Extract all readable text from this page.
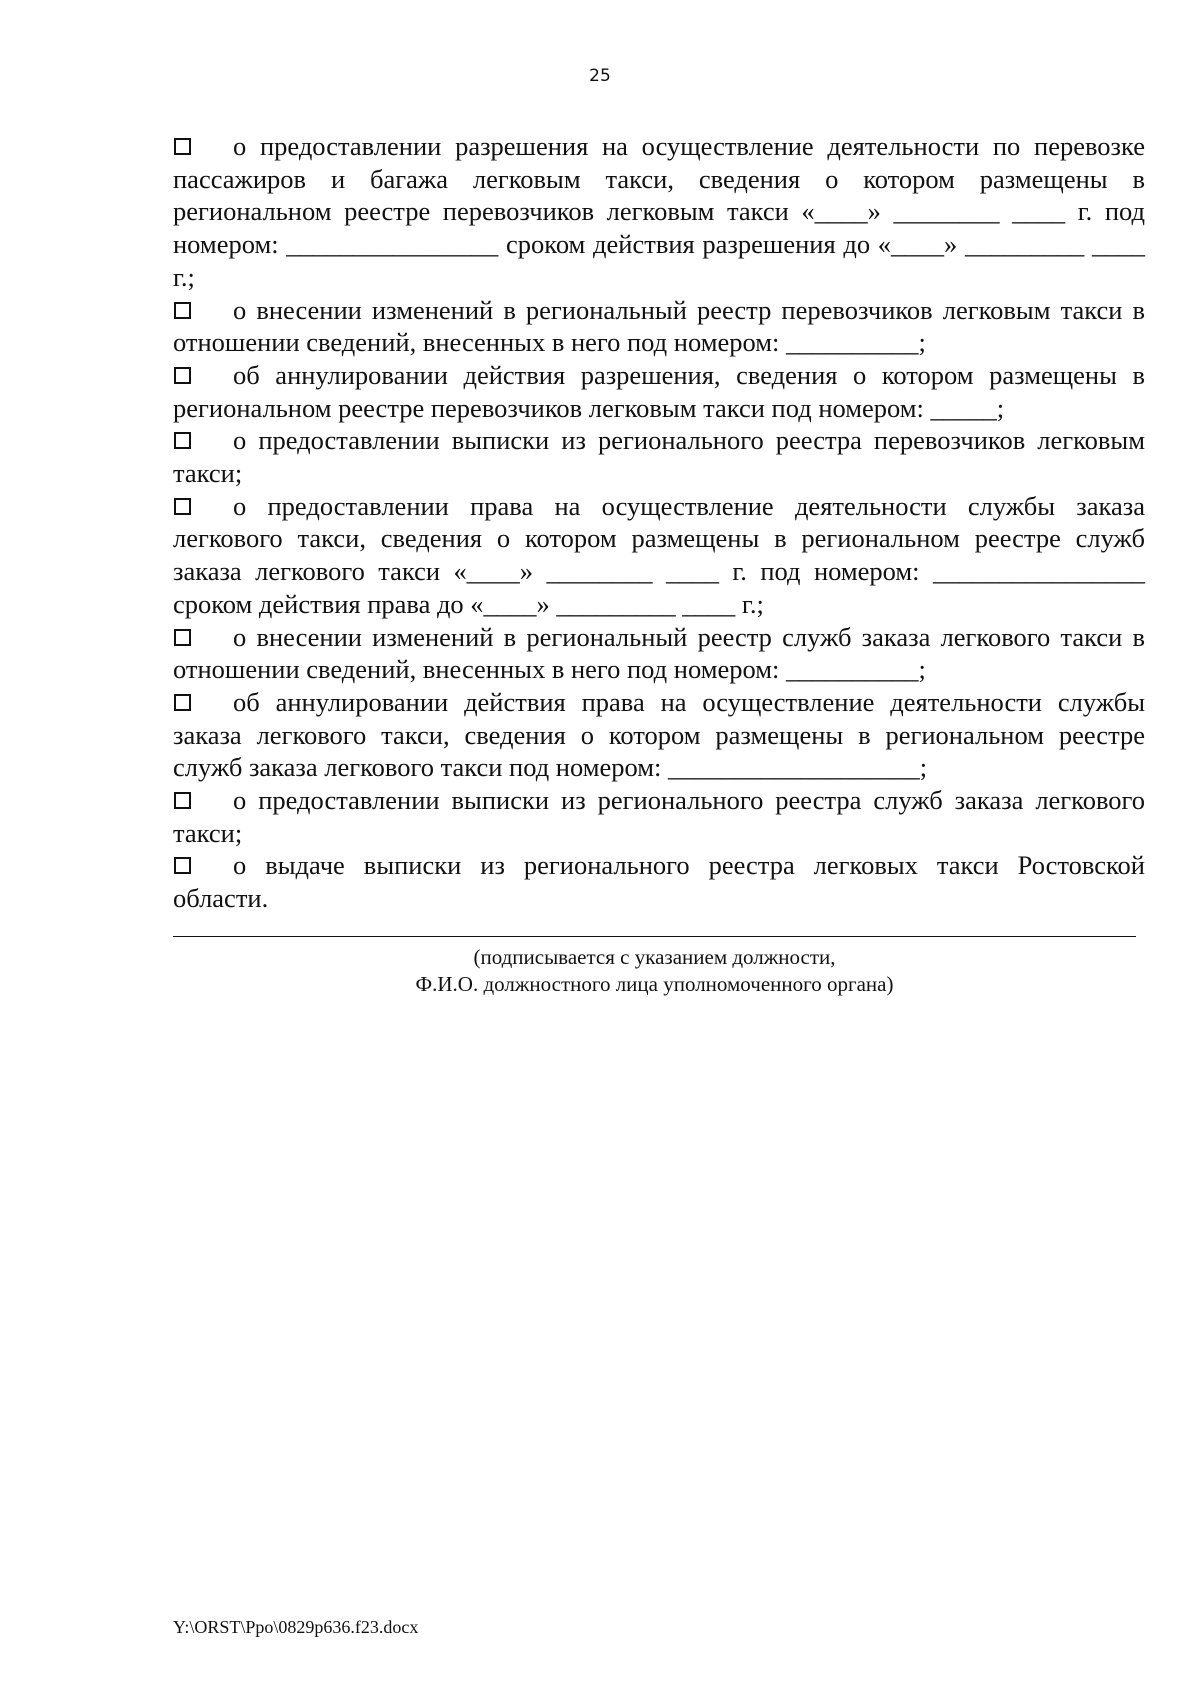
25

о предоставлении разрешения на осуществление деятельности по перевозке пассажиров и багажа легковым такси, сведения о котором размещены в региональном реестре перевозчиков легковым такси «____» ________ ____ г. под номером: ________________ сроком действия разрешения до «____» _________ ____ г.;

о внесении изменений в региональный реестр перевозчиков легковым такси в отношении сведений, внесенных в него под номером: __________;

об аннулировании действия разрешения, сведения о котором размещены в региональном реестре перевозчиков легковым такси под номером: _____;

о предоставлении выписки из регионального реестра перевозчиков легковым такси;

о предоставлении права на осуществление деятельности службы заказа легкового такси, сведения о котором размещены в региональном реестре служб заказа легкового такси «____» ________ ____ г. под номером: ________________ сроком действия права до «____» _________ ____ г.;

о внесении изменений в региональный реестр служб заказа легкового такси в отношении сведений, внесенных в него под номером: __________;

об аннулировании действия права на осуществление деятельности службы заказа легкового такси, сведения о котором размещены в региональном реестре служб заказа легкового такси под номером: ___________________;

о предоставлении выписки из регионального реестра служб заказа легкового такси;

о выдаче выписки из регионального реестра легковых такси Ростовской области.

(подписывается с указанием должности,
Ф.И.О. должностного лица уполномоченного органа)
Y:\ORST\Ppo\0829p636.f23.docx
